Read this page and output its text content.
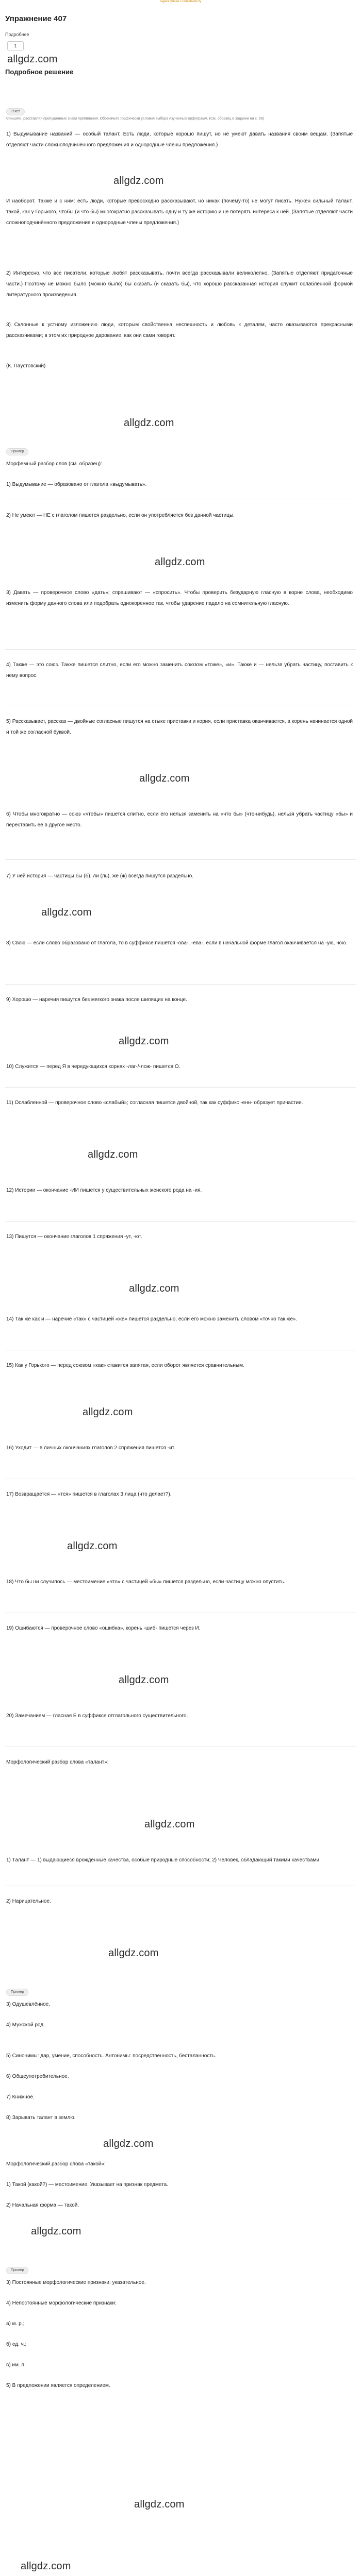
Будьте умнее с Решебник.Ру
Упражнение 407
Подробнее
1
allgdz.com
Подробное решение
Текст
Спишите, расставляя пропущенные знаки препинания. Обозначьте графически условия выбора изученных орфограмм. (См. образец в задании на с. 99)
1) Выдумывание названий — особый талант. Есть люди, которые хорошо пишут, но не умеют давать названия своим вещам. (Запятые отделяют части сложноподчинённого предложения и однородные члены предложения.)
allgdz.com
И наоборот. Также и с ним: есть люди, которые превосходно рассказывают, но никак (почему-то) не могут писать. Нужен сильный талант, такой, как у Горького, чтобы (и что бы) многократно рассказывать одну и ту же историю и не потерять интереса к ней. (Запятые отделяют части сложноподчинённого предложения и однородные члены предложения.)
2) Интересно, что все писатели, которые любят рассказывать, почти всегда рассказывали великолепно. (Запятые отделяют придаточные части.) Поэтому не можно было (можно было) бы сказать (и сказать бы), что хорошо рассказанная история служит ослабленной формой литературного произведения.
3) Склонные к устному изложению люди, которым свойственна неспешность и любовь к деталям, часто оказываются прекрасными рассказчиками; в этом их природное дарование, как они сами говорят.
(К. Паустовский)
allgdz.com
Пример
Морфемный разбор слов (см. образец):
1) Выдумывание — образовано от глагола «выдумывать».
2) Не умеют — НЕ с глаголом пишется раздельно, если он употребляется без данной частицы.
allgdz.com
3) Давать — проверочное слово «дать»; спрашивают — «спросить». Чтобы проверить безударную гласную в корне слова, необходимо изменить форму данного слова или подобрать однокоренное так, чтобы ударение падало на сомнительную гласную.
4) Также — это союз. Также пишется слитно, если его можно заменить союзом «тоже», «и». Также и — нельзя убрать частицу, поставить к нему вопрос.
5) Рассказывает, рассказ — двойные согласные пишутся на стыке приставки и корня, если приставка оканчивается, а корень начинается одной и той же согласной буквой.
allgdz.com
6) Чтобы многократно — союз «чтобы» пишется слитно, если его нельзя заменить на «что бы» (что-нибудь), нельзя убрать частицу «бы» и переставить её в другое место.
7) У ней история — частицы бы (б), ли (ль), же (ж) всегда пишутся раздельно.
allgdz.com
8) Свою — если слово образовано от глагола, то в суффиксе пишется -ова-, -ева-, если в начальной форме глагол оканчивается на -ую, -юю.
9) Хорошо — наречия пишутся без мягкого знака после шипящих на конце.
allgdz.com
10) Служится — перед Я в чередующихся корнях -лаг-/-лож- пишется О.
11) Ослабленной — проверочное слово «слабый»; согласная пишется двойной, так как суффикс -енн- образует причастие.
allgdz.com
12) Истории — окончание -ИИ пишется у существительных женского рода на -ия.
13) Пишутся — окончание глаголов 1 спряжения -ут, -ют.
allgdz.com
14) Так же как и — наречие «так» с частицей «же» пишется раздельно, если его можно заменить словом «точно так же».
15) Как у Горького — перед союзом «как» ставится запятая, если оборот является сравнительным.
allgdz.com
16) Уходит — в личных окончаниях глаголов 2 спряжения пишется -ит.
17) Возвращается — «тся» пишется в глаголах 3 лица (что делает?).
allgdz.com
18) Что бы ни случилось — местоимение «что» с частицей «бы» пишется раздельно, если частицу можно опустить.
19) Ошибаются — проверочное слово «ошибка», корень -шиб- пишется через И.
allgdz.com
20) Замечанием — гласная Е в суффиксе отглагольного существительного.
Морфологический разбор слова «талант»:
allgdz.com
1) Талант — 1) выдающиеся врождённые качества, особые природные способности; 2) Человек, обладающий такими качествами.
2) Нарицательное.
allgdz.com
Пример
3) Одушевлённое.
4) Мужской род.
5) Синонимы: дар, умение, способность. Антонимы: посредственность, бесталанность.
6) Общеупотребительное.
7) Книжное.
8) Зарывать талант в землю.
allgdz.com
Морфологический разбор слова «такой»:
1) Такой (какой?) — местоимение. Указывает на признак предмета.
2) Начальная форма — такой.
allgdz.com
Пример
3) Постоянные морфологические признаки: указательное.
4) Непостоянные морфологические признаки:
а) м. р.;
б) ед. ч.;
в) им. п.
5) В предложении является определением.
allgdz.com
allgdz.com
